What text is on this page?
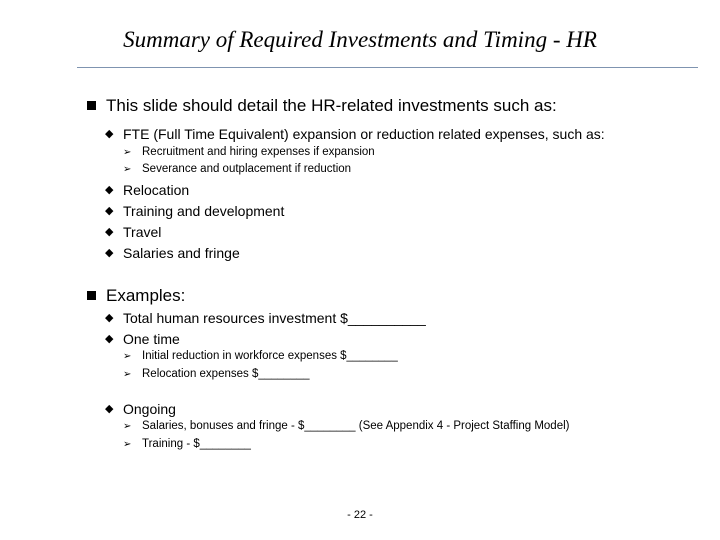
Summary of Required Investments and Timing - HR
This slide should detail the HR-related investments such as:
◆ FTE (Full Time Equivalent) expansion or reduction related expenses, such as:
➢ Recruitment and hiring expenses if expansion
➢ Severance and outplacement if reduction
◆ Relocation
◆ Training and development
◆ Travel
◆ Salaries and fringe
Examples:
◆ Total human resources investment $__________
◆ One time
➢ Initial reduction in workforce expenses $________
➢ Relocation expenses $________
◆ Ongoing
➢ Salaries, bonuses and fringe - $________ (See Appendix 4 - Project Staffing Model)
➢ Training - $________
- 22 -
